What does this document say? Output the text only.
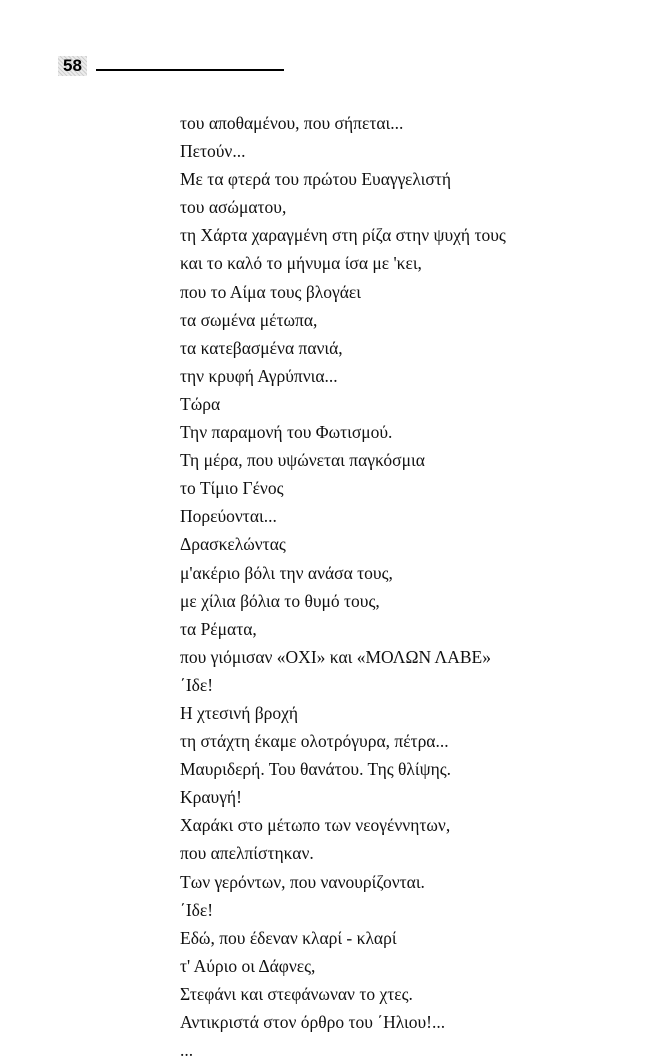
58
του αποθαμένου, που σήπεται...
Πετούν...
Με τα φτερά του πρώτου Ευαγγελιστή
του ασώματου,
τη Χάρτα χαραγμένη στη ρίζα στην ψυχή τους
και το καλό το μήνυμα ίσα με 'κει,
που το Αίμα τους βλογάει
τα σωμένα μέτωπα,
τα κατεβασμένα πανιά,
την κρυφή Αγρύπνια...
Τώρα
Την παραμονή του Φωτισμού.
Τη μέρα, που υψώνεται παγκόσμια
το Τίμιο Γένος
Πορεύονται...
Δρασκελώντας
μ'ακέριο βόλι την ανάσα τους,
με χίλια βόλια το θυμό τους,
τα Ρέματα,
που γιόμισαν «ΟΧΙ» και «ΜΟΛΩΝ ΛΑΒΕ»
΄Ιδε!
Η χτεσινή βροχή
τη στάχτη έκαμε ολοτρόγυρα, πέτρα...
Μαυριδερή. Του θανάτου. Της θλίψης.
Κραυγή!
Χαράκι στο μέτωπο των νεογέννητων,
που απελπίστηκαν.
Των γερόντων, που νανουρίζονται.
΄Ιδε!
Εδώ, που έδεναν κλαρί - κλαρί
τ' Αύριο οι Δάφνες,
Στεφάνι και στεφάνωναν το χτες.
Αντικριστά στον όρθρο του ΄Ηλιου!...
...
